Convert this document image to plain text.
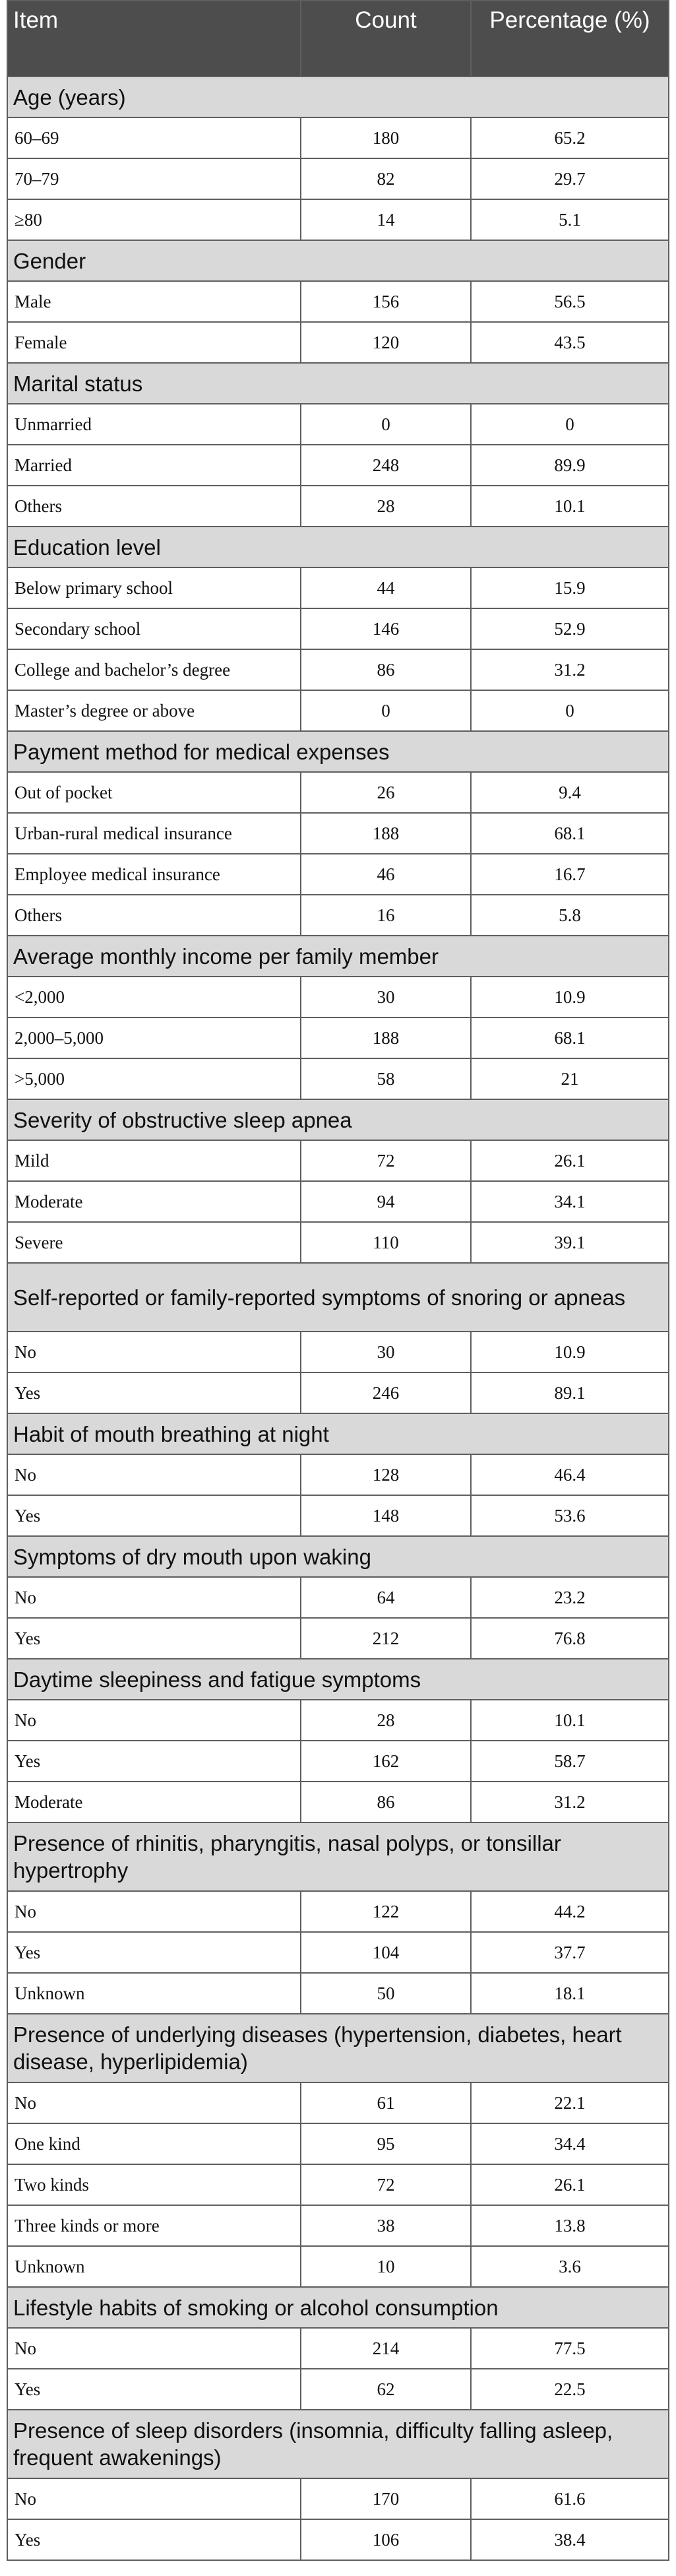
Item	Count	Percentage (%)
Age (years)		
60–69	180	65.2
70–79	82	29.7
≥80	14	5.1
Gender		
Male	156	56.5
Female	120	43.5
Marital status		
Unmarried	0	0
Married	248	89.9
Others	28	10.1
Education level		
Below primary school	44	15.9
Secondary school	146	52.9
College and bachelor’s degree	86	31.2
Master’s degree or above	0	0
Payment method for medical expenses		
Out of pocket	26	9.4
Urban-rural medical insurance	188	68.1
Employee medical insurance	46	16.7
Others	16	5.8
Average monthly income per family member		
<2,000	30	10.9
2,000–5,000	188	68.1
>5,000	58	21
Severity of obstructive sleep apnea		
Mild	72	26.1
Moderate	94	34.1
Severe	110	39.1
Self-reported or family-reported symptoms of snoring or apneas		
No	30	10.9
Yes	246	89.1
Habit of mouth breathing at night		
No	128	46.4
Yes	148	53.6
Symptoms of dry mouth upon waking		
No	64	23.2
Yes	212	76.8
Daytime sleepiness and fatigue symptoms		
No	28	10.1
Yes	162	58.7
Moderate	86	31.2
Presence of rhinitis, pharyngitis, nasal polyps, or tonsillar hypertrophy		
No	122	44.2
Yes	104	37.7
Unknown	50	18.1
Presence of underlying diseases (hypertension, diabetes, heart disease, hyperlipidemia)		
No	61	22.1
One kind	95	34.4
Two kinds	72	26.1
Three kinds or more	38	13.8
Unknown	10	3.6
Lifestyle habits of smoking or alcohol consumption		
No	214	77.5
Yes	62	22.5
Presence of sleep disorders (insomnia, difficulty falling asleep, frequent awakenings)		
No	170	61.6
Yes	106	38.4
